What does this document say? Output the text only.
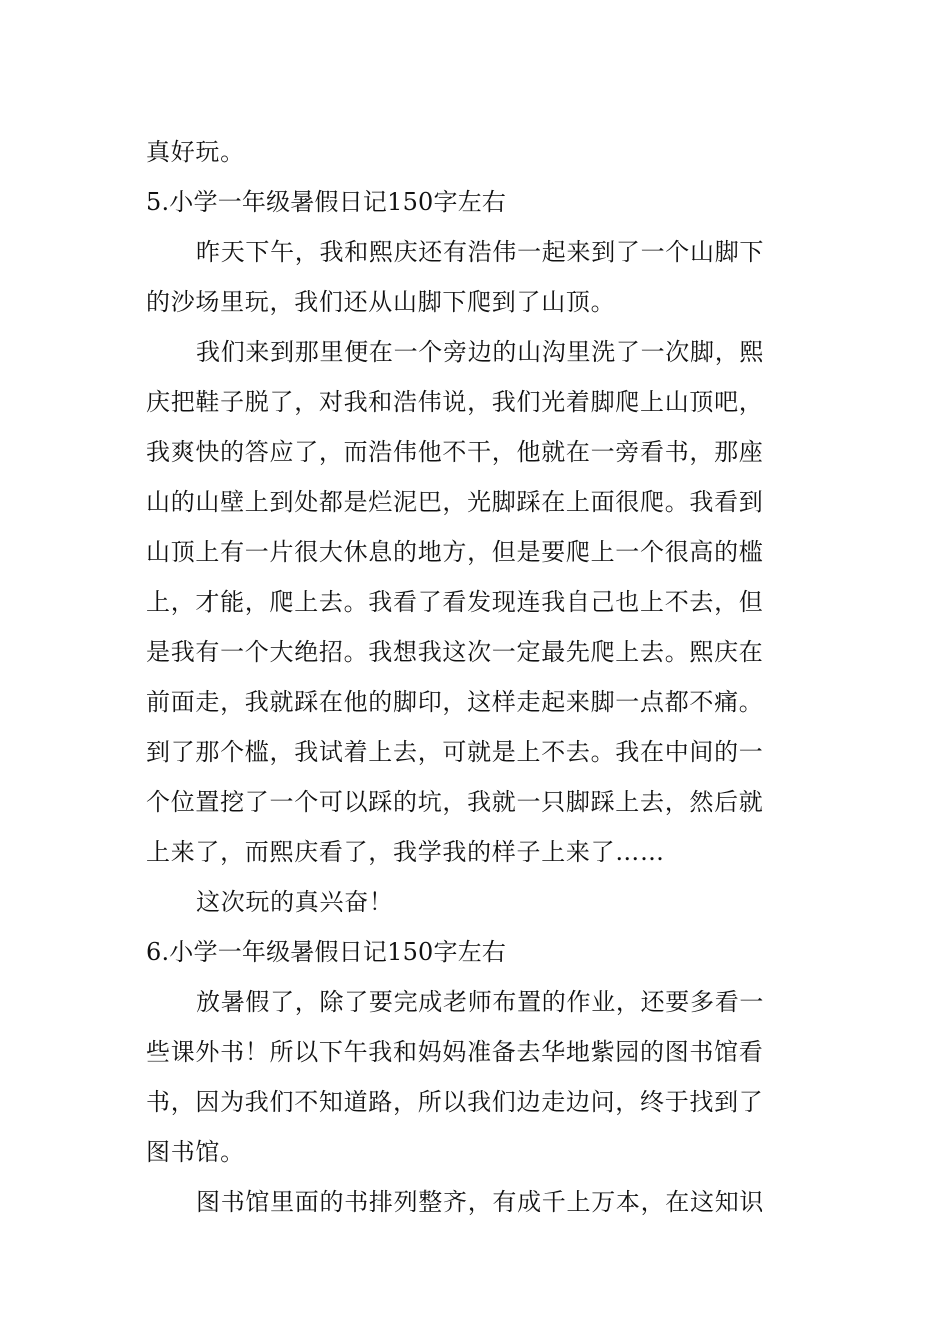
真好玩。
5.小学一年级暑假日记150字左右
昨天下午，我和熙庆还有浩伟一起来到了一个山脚下
的沙场里玩，我们还从山脚下爬到了山顶。
我们来到那里便在一个旁边的山沟里洗了一次脚，熙
庆把鞋子脱了，对我和浩伟说，我们光着脚爬上山顶吧，
我爽快的答应了，而浩伟他不干，他就在一旁看书，那座
山的山壁上到处都是烂泥巴，光脚踩在上面很爬。我看到
山顶上有一片很大休息的地方，但是要爬上一个很高的槛
上，才能，爬上去。我看了看发现连我自己也上不去，但
是我有一个大绝招。我想我这次一定最先爬上去。熙庆在
前面走，我就踩在他的脚印，这样走起来脚一点都不痛。
到了那个槛，我试着上去，可就是上不去。我在中间的一
个位置挖了一个可以踩的坑，我就一只脚踩上去，然后就
上来了，而熙庆看了，我学我的样子上来了……
这次玩的真兴奋！
6.小学一年级暑假日记150字左右
放暑假了，除了要完成老师布置的作业，还要多看一
些课外书！所以下午我和妈妈准备去华地紫园的图书馆看
书，因为我们不知道路，所以我们边走边问，终于找到了
图书馆。
图书馆里面的书排列整齐，有成千上万本，在这知识
